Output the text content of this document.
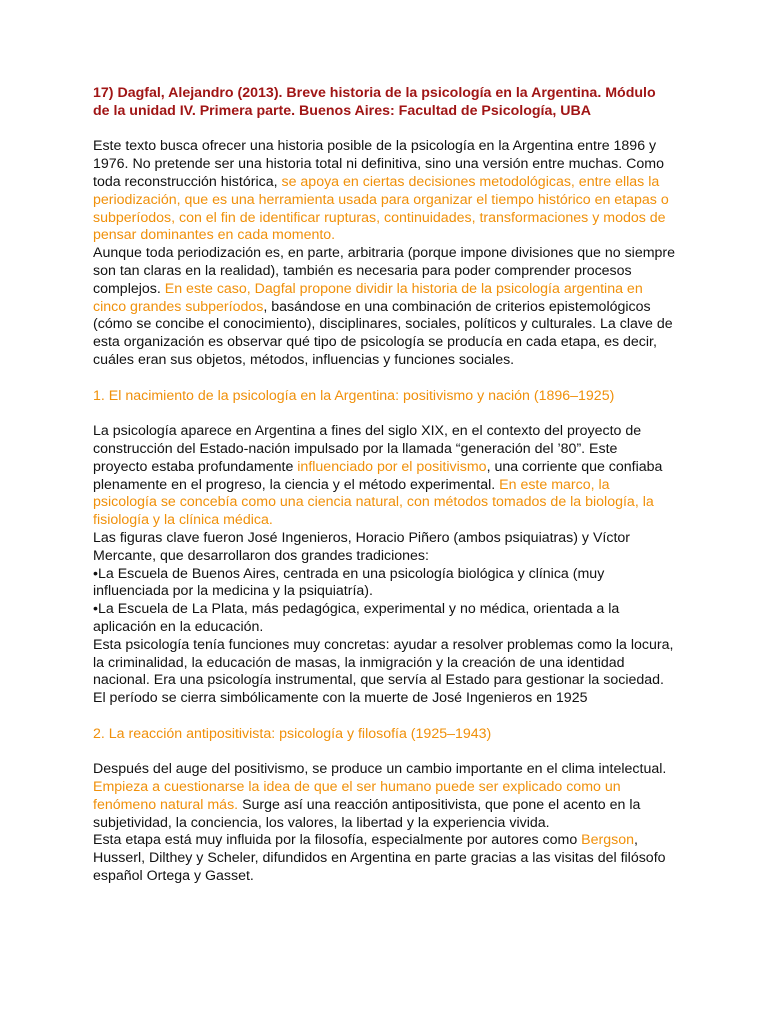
17) Dagfal, Alejandro (2013). Breve historia de la psicología en la Argentina. Módulo

de la unidad IV. Primera parte. Buenos Aires: Facultad de Psicología, UBA

Este texto busca ofrecer una historia posible de la psicología en la Argentina entre 1896 y

1976. No pretende ser una historia total ni definitiva, sino una versión entre muchas. Como

toda reconstrucción histórica, se apoya en ciertas decisiones metodológicas, entre ellas la

periodización, que es una herramienta usada para organizar el tiempo histórico en etapas o

subperíodos, con el fin de identificar rupturas, continuidades, transformaciones y modos de

pensar dominantes en cada momento.

Aunque toda periodización es, en parte, arbitraria (porque impone divisiones que no siempre

son tan claras en la realidad), también es necesaria para poder comprender procesos

complejos. En este caso, Dagfal propone dividir la historia de la psicología argentina en

cinco grandes subperíodos, basándose en una combinación de criterios epistemológicos

(cómo se concibe el conocimiento), disciplinares, sociales, políticos y culturales. La clave de

esta organización es observar qué tipo de psicología se producía en cada etapa, es decir,

cuáles eran sus objetos, métodos, influencias y funciones sociales.

1. El nacimiento de la psicología en la Argentina: positivismo y nación (1896–1925)

La psicología aparece en Argentina a fines del siglo XIX, en el contexto del proyecto de

construcción del Estado-nación impulsado por la llamada “generación del ’80”. Este

proyecto estaba profundamente influenciado por el positivismo, una corriente que confiaba

plenamente en el progreso, la ciencia y el método experimental. En este marco, la

psicología se concebía como una ciencia natural, con métodos tomados de la biología, la

fisiología y la clínica médica.

Las figuras clave fueron José Ingenieros, Horacio Piñero (ambos psiquiatras) y Víctor

Mercante, que desarrollaron dos grandes tradiciones:

•La Escuela de Buenos Aires, centrada en una psicología biológica y clínica (muy

influenciada por la medicina y la psiquiatría).

•La Escuela de La Plata, más pedagógica, experimental y no médica, orientada a la

aplicación en la educación.

Esta psicología tenía funciones muy concretas: ayudar a resolver problemas como la locura,

la criminalidad, la educación de masas, la inmigración y la creación de una identidad

nacional. Era una psicología instrumental, que servía al Estado para gestionar la sociedad.

El período se cierra simbólicamente con la muerte de José Ingenieros en 1925

2. La reacción antipositivista: psicología y filosofía (1925–1943)

Después del auge del positivismo, se produce un cambio importante en el clima intelectual.

Empieza a cuestionarse la idea de que el ser humano puede ser explicado como un

fenómeno natural más. Surge así una reacción antipositivista, que pone el acento en la

subjetividad, la conciencia, los valores, la libertad y la experiencia vivida.

Esta etapa está muy influida por la filosofía, especialmente por autores como Bergson,

Husserl, Dilthey y Scheler, difundidos en Argentina en parte gracias a las visitas del filósofo

español Ortega y Gasset.
